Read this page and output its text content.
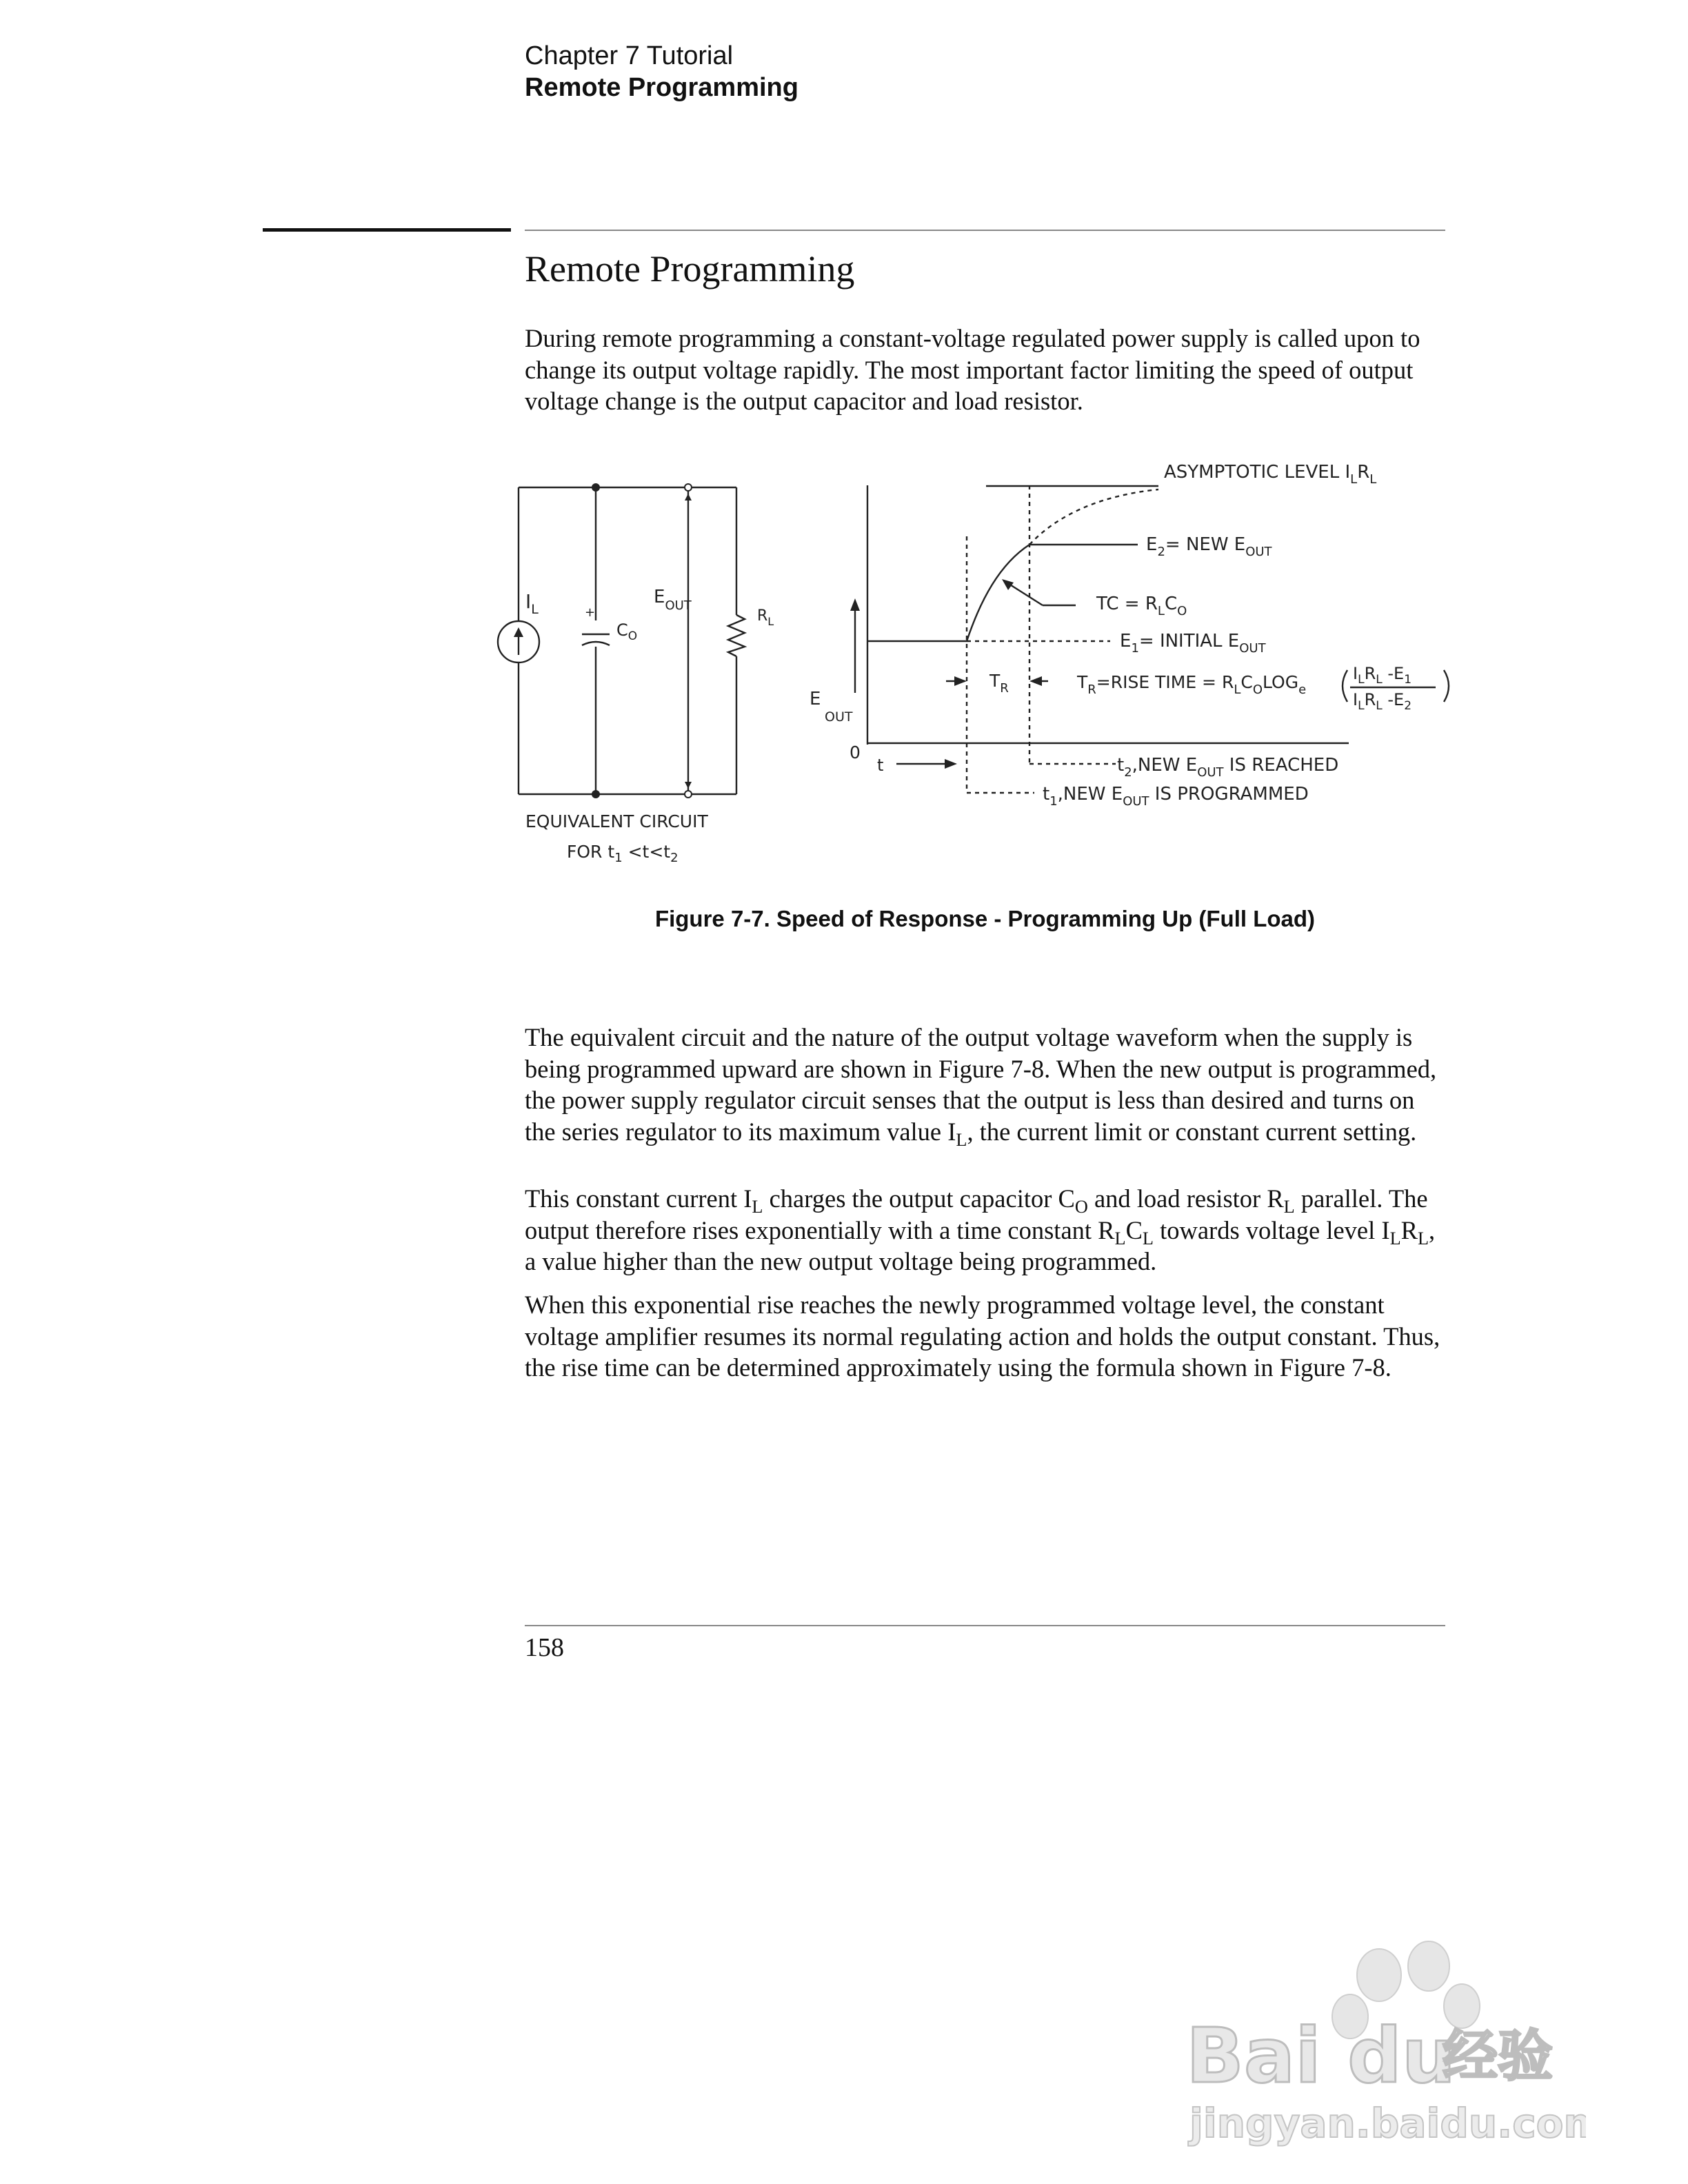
Chapter 7 Tutorial
Remote Programming
Remote Programming

During remote programming a constant-voltage regulated power supply is called upon to change its output voltage rapidly. The most important factor limiting the speed of output voltage change is the output capacitor and load resistor.

$I_L$	+
$C_O$
$E_{OUT}$
$R_L$
EQUIVALENT CIRCUIT
FOR $t_1 <t<t_2$
ASYMPTOTIC LEVEL $I_LR_L$
$E_2=$ NEW $E_{OUT}$
TC = $R_LC_O$
$E_1=$ INITIAL $E_{OUT}$
$T_R$	$T_R=RISE$ TIME = $R_LC_OLOG_e$
$I_LR_L$ $-E_1$
$I_LR_L$ $-E_2$
EOUT
0
t	$t_2,NEW$ $E_{OUT}$ IS REACHED
$t_1,NEW$ $E_{OUT}$ IS PROGRAMMED
Figure 7-7. Speed of Response - Programming Up (Full Load)

The equivalent circuit and the nature of the output voltage waveform when the supply is being programmed upward are shown in Figure 7-8. When the new output is programmed, the power supply regulator circuit senses that the output is less than desired and turns on the series regulator to its maximum value $I_L$, the current limit or constant current setting.

This constant current $I_L$ charges the output capacitor $C_O$ and load resistor $R_L$ parallel. The output therefore rises exponentially with a time constant $R_LC_L$ towards voltage level $I_LR_L$, a value higher than the new output voltage being programmed.

When this exponential rise reaches the newly programmed voltage level, the constant voltage amplifier resumes its normal regulating action and holds the output constant. Thus, the rise time can be determined approximately using the formula shown in Figure 7-8.

158
Bai du
经验
jingyan.baidu.com
